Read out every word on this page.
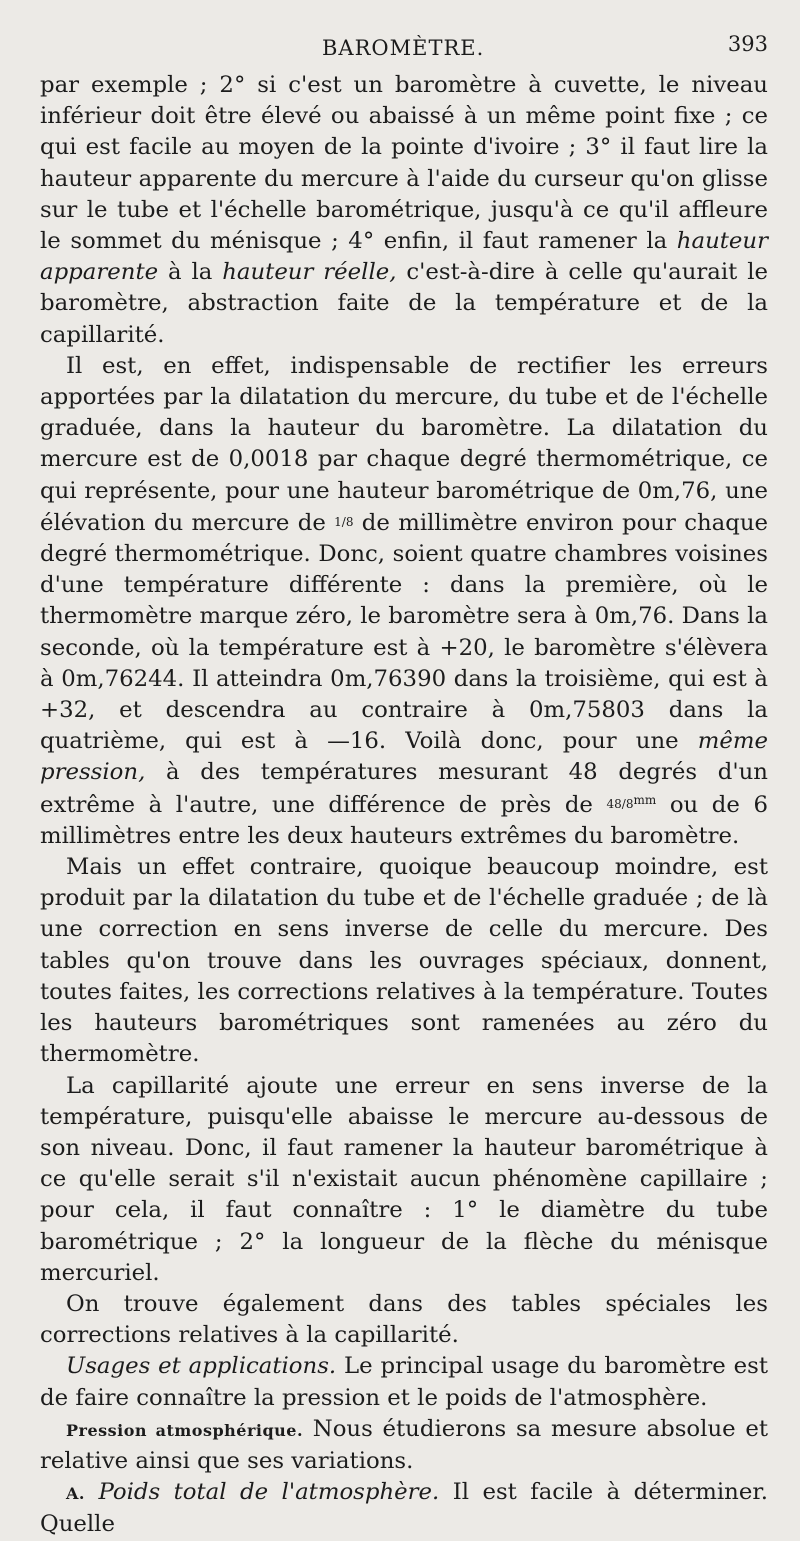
BAROMÈTRE.	393

par exemple ; 2° si c'est un baromètre à cuvette, le niveau inférieur doit être élevé ou abaissé à un même point fixe ; ce qui est facile au moyen de la pointe d'ivoire ; 3° il faut lire la hauteur apparente du mercure à l'aide du curseur qu'on glisse sur le tube et l'échelle barométrique, jusqu'à ce qu'il affleure le sommet du ménisque ; 4° enfin, il faut ramener la hauteur apparente à la hauteur réelle, c'est-à-dire à celle qu'aurait le baromètre, abstraction faite de la température et de la capillarité.

Il est, en effet, indispensable de rectifier les erreurs apportées par la dilatation du mercure, du tube et de l'échelle graduée, dans la hauteur du baromètre. La dilatation du mercure est de 0,0018 par chaque degré thermométrique, ce qui représente, pour une hauteur barométrique de 0m,76, une élévation du mercure de 1/8 de millimètre environ pour chaque degré thermométrique. Donc, soient quatre chambres voisines d'une température différente : dans la première, où le thermomètre marque zéro, le baromètre sera à 0m,76. Dans la seconde, où la température est à +20, le baromètre s'élèvera à 0m,76244. Il atteindra 0m,76390 dans la troisième, qui est à +32, et descendra au contraire à 0m,75803 dans la quatrième, qui est à —16. Voilà donc, pour une même pression, à des températures mesurant 48 degrés d'un extrême à l'autre, une différence de près de $48/8^{mm}$ ou de 6 millimètres entre les deux hauteurs extrêmes du baromètre.

Mais un effet contraire, quoique beaucoup moindre, est produit par la dilatation du tube et de l'échelle graduée ; de là une correction en sens inverse de celle du mercure. Des tables qu'on trouve dans les ouvrages spéciaux, donnent, toutes faites, les corrections relatives à la température. Toutes les hauteurs barométriques sont ramenées au zéro du thermomètre.

La capillarité ajoute une erreur en sens inverse de la température, puisqu'elle abaisse le mercure au-dessous de son niveau. Donc, il faut ramener la hauteur barométrique à ce qu'elle serait s'il n'existait aucun phénomène capillaire ; pour cela, il faut connaître : 1° le diamètre du tube barométrique ; 2° la longueur de la flèche du ménisque mercuriel.

On trouve également dans des tables spéciales les corrections relatives à la capillarité.

Usages et applications. Le principal usage du baromètre est de faire connaître la pression et le poids de l'atmosphère.

Pression atmosphérique. Nous étudierons sa mesure absolue et relative ainsi que ses variations.

A. Poids total de l'atmosphère. Il est facile à déterminer. Quelle
